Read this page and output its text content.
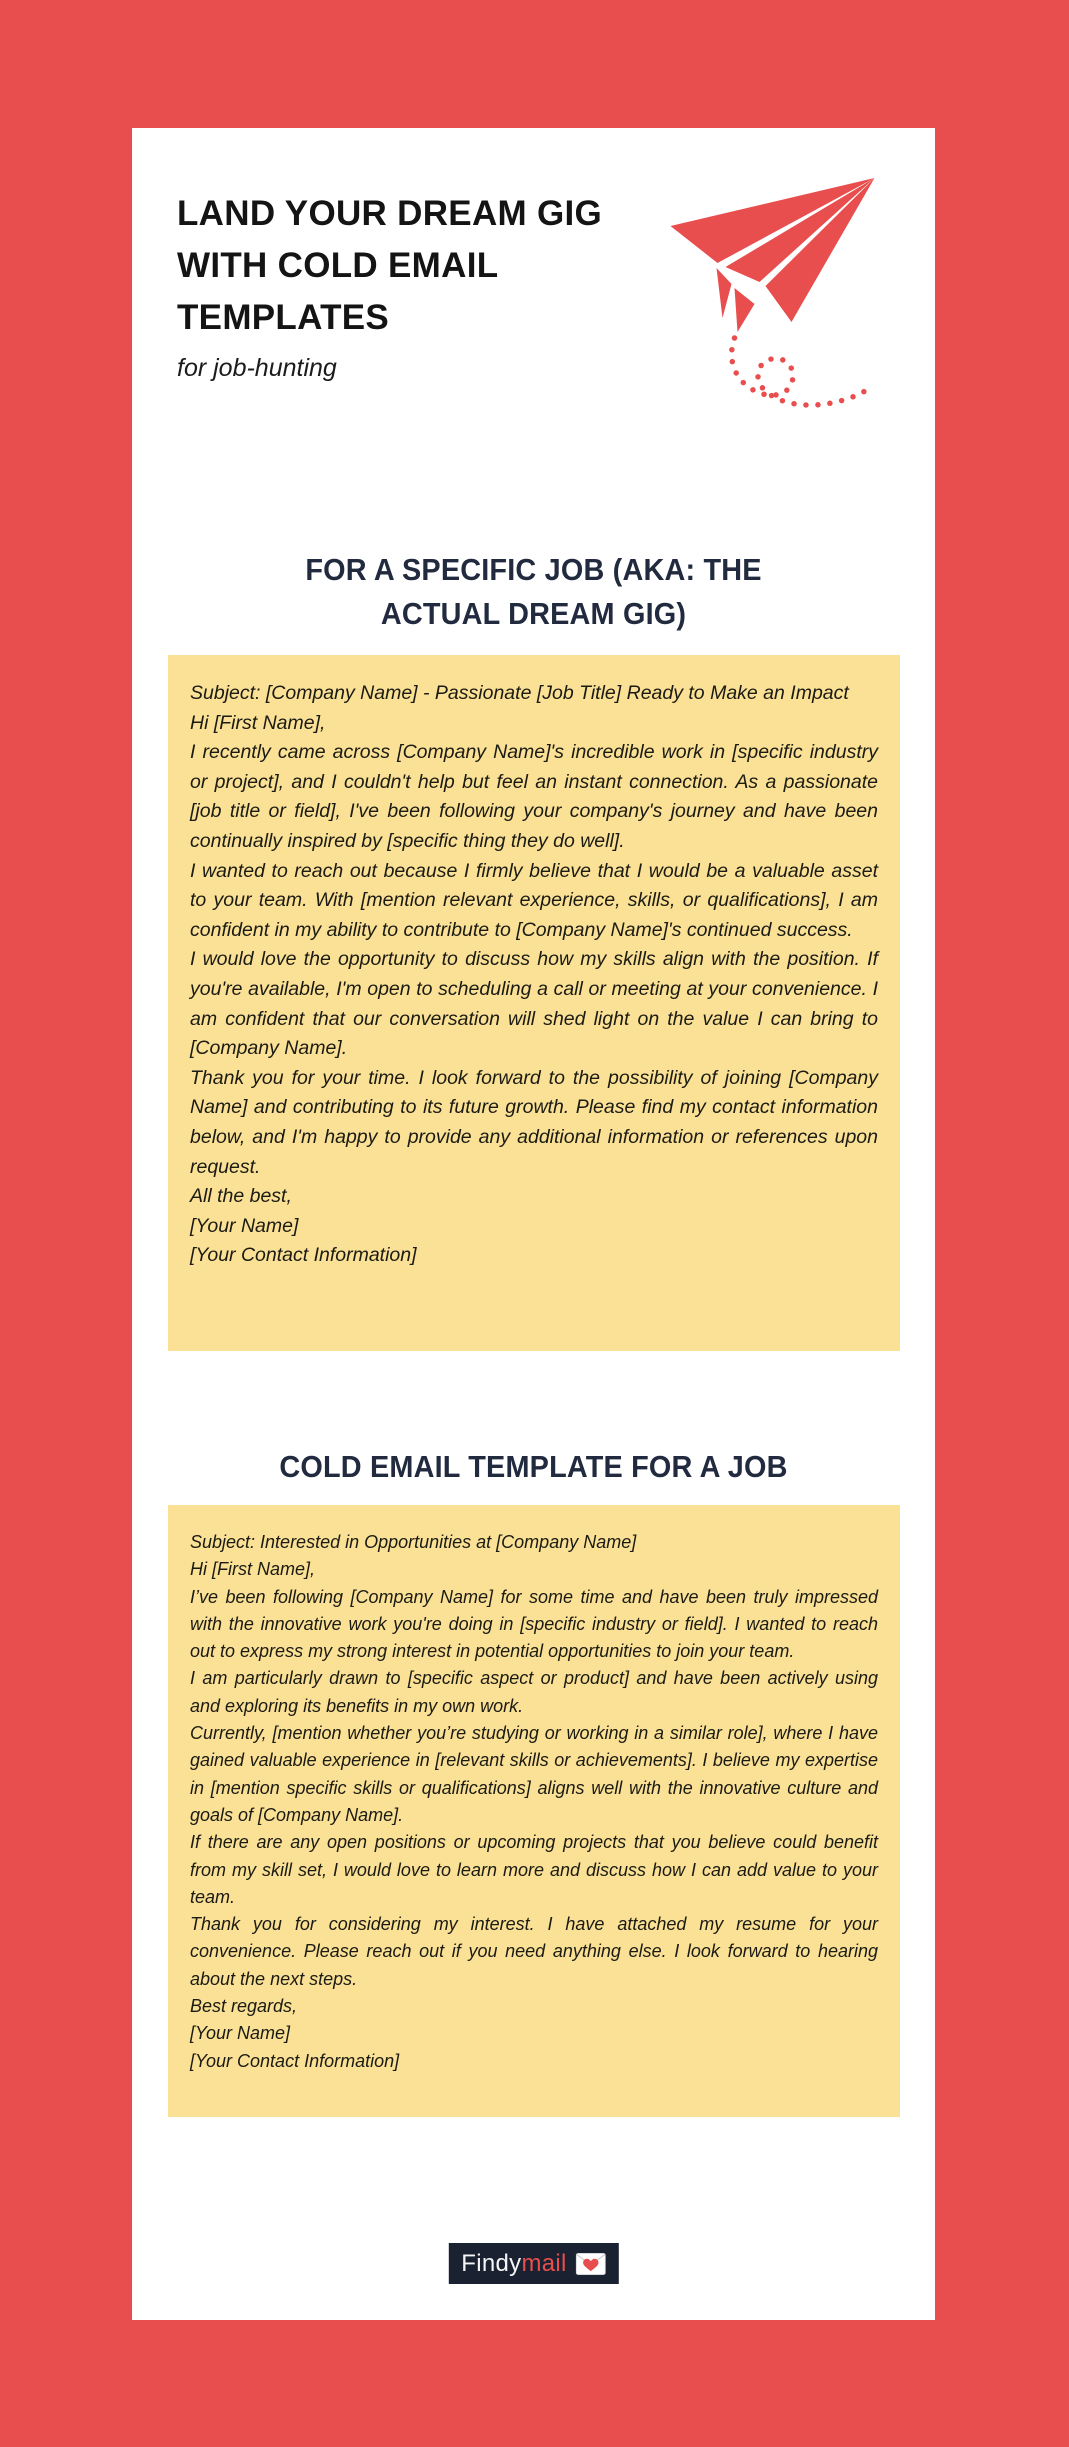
LAND YOUR DREAM GIG
WITH COLD EMAIL
TEMPLATES
for job-hunting
FOR A SPECIFIC JOB (AKA: THE ACTUAL DREAM GIG)

Subject: [Company Name] - Passionate [Job Title] Ready to Make an Impact

Hi [First Name],

I recently came across [Company Name]'s incredible work in [specific industry or project], and I couldn't help but feel an instant connection. As a passionate [job title or field], I've been following your company's journey and have been continually inspired by [specific thing they do well].

I wanted to reach out because I firmly believe that I would be a valuable asset to your team. With [mention relevant experience, skills, or qualifications], I am confident in my ability to contribute to [Company Name]'s continued success.

I would love the opportunity to discuss how my skills align with the position. If you're available, I'm open to scheduling a call or meeting at your convenience. I am confident that our conversation will shed light on the value I can bring to [Company Name].

Thank you for your time. I look forward to the possibility of joining [Company Name] and contributing to its future growth. Please find my contact information below, and I'm happy to provide any additional information or references upon request.

All the best,

[Your Name]

[Your Contact Information]

COLD EMAIL TEMPLATE FOR A JOB

Subject: Interested in Opportunities at [Company Name]

Hi [First Name],

I’ve been following [Company Name] for some time and have been truly impressed with the innovative work you're doing in [specific industry or field]. I wanted to reach out to express my strong interest in potential opportunities to join your team.

I am particularly drawn to [specific aspect or product] and have been actively using and exploring its benefits in my own work.

Currently, [mention whether you’re studying or working in a similar role], where I have gained valuable experience in [relevant skills or achievements]. I believe my expertise in [mention specific skills or qualifications] aligns well with the innovative culture and goals of [Company Name].

If there are any open positions or upcoming projects that you believe could benefit from my skill set, I would love to learn more and discuss how I can add value to your team.

Thank you for considering my interest. I have attached my resume for your convenience. Please reach out if you need anything else. I look forward to hearing about the next steps.

Best regards,

[Your Name]

[Your Contact Information]

Findy mail
